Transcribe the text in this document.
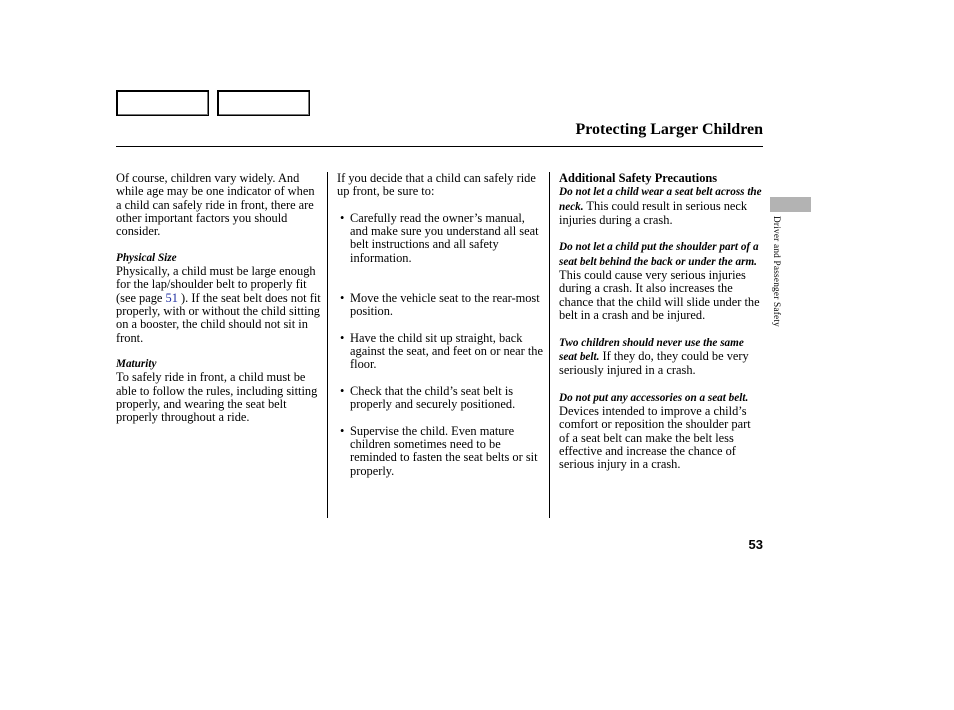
Protecting Larger Children

Of course, children vary widely. And while age may be one indicator of when a child can safely ride in front, there are other important factors you should consider.

Physical Size

Physically, a child must be large enough for the lap/shoulder belt to properly fit (see page 51 ). If the seat belt does not fit properly, with or without the child sitting on a booster, the child should not sit in front.

Maturity

To safely ride in front, a child must be able to follow the rules, including sitting properly, and wearing the seat belt properly throughout a ride.

If you decide that a child can safely ride up front, be sure to:

• Carefully read the owner’s manual, and make sure you understand all seat belt instructions and all safety information.
• Move the vehicle seat to the rear-most position.
• Have the child sit up straight, back against the seat, and feet on or near the floor.
• Check that the child’s seat belt is properly and securely positioned.
• Supervise the child. Even mature children sometimes need to be reminded to fasten the seat belts or sit properly.

Additional Safety Precautions

Do not let a child wear a seat belt across the neck. This could result in serious neck injuries during a crash.

Do not let a child put the shoulder part of a seat belt behind the back or under the arm. This could cause very serious injuries during a crash. It also increases the chance that the child will slide under the belt in a crash and be injured.

Two children should never use the same seat belt. If they do, they could be very seriously injured in a crash.

Do not put any accessories on a seat belt. Devices intended to improve a child’s comfort or reposition the shoulder part of a seat belt can make the belt less effective and increase the chance of serious injury in a crash.

Driver and Passenger Safety
53
